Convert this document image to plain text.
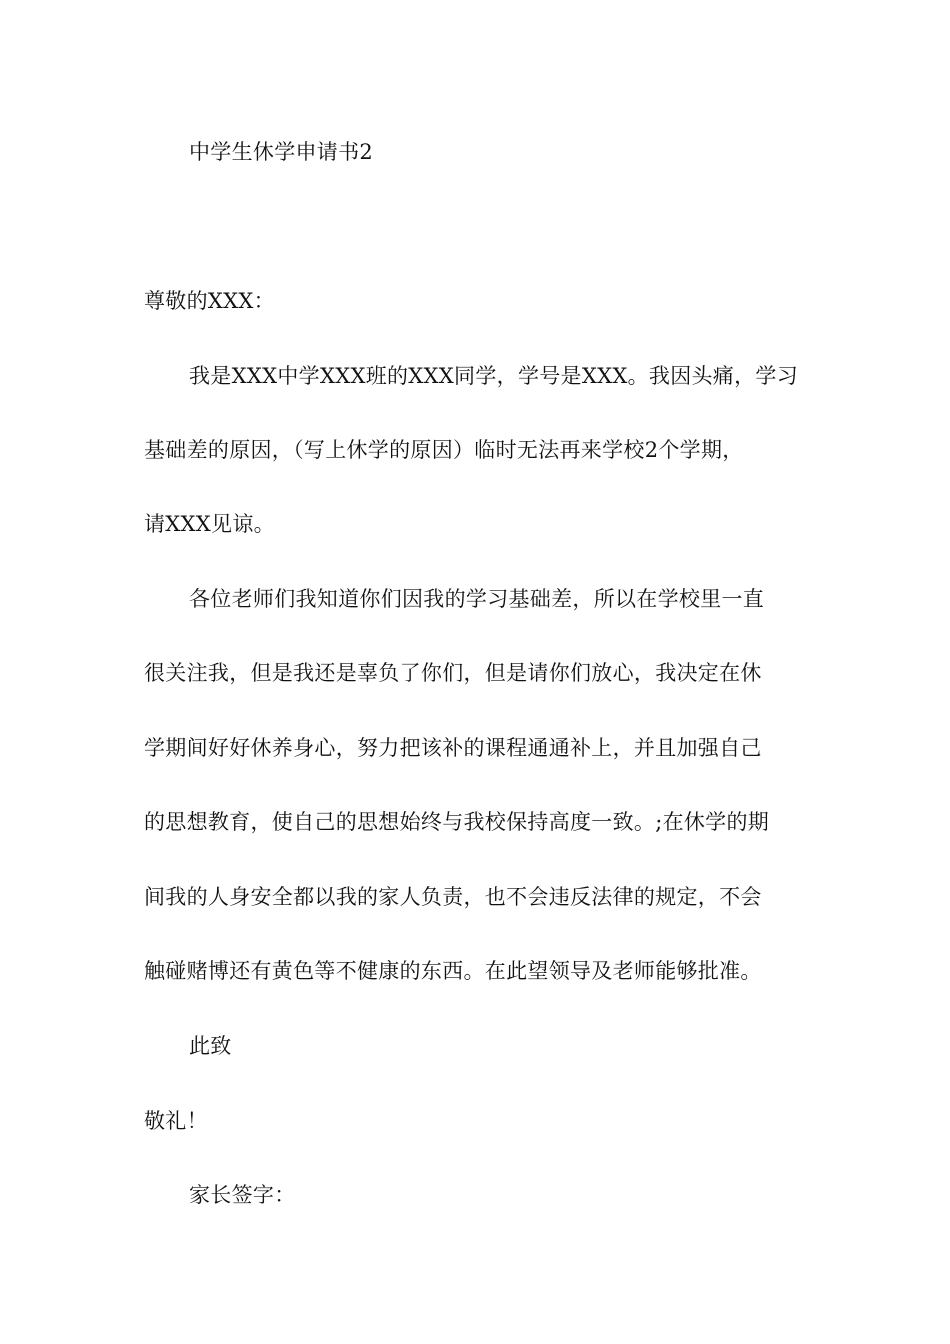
中学生休学申请书2
尊敬的XXX：
我是XXX中学XXX班的XXX同学，学号是XXX。我因头痛，学习
基础差的原因，（写上休学的原因）临时无法再来学校2个学期，
请XXX见谅。
各位老师们我知道你们因我的学习基础差，所以在学校里一直
很关注我，但是我还是辜负了你们，但是请你们放心，我决定在休
学期间好好休养身心，努力把该补的课程通通补上，并且加强自己
的思想教育，使自己的思想始终与我校保持高度一致。;在休学的期
间我的人身安全都以我的家人负责，也不会违反法律的规定，不会
触碰赌博还有黄色等不健康的东西。在此望领导及老师能够批准。
此致
敬礼！
家长签字：
